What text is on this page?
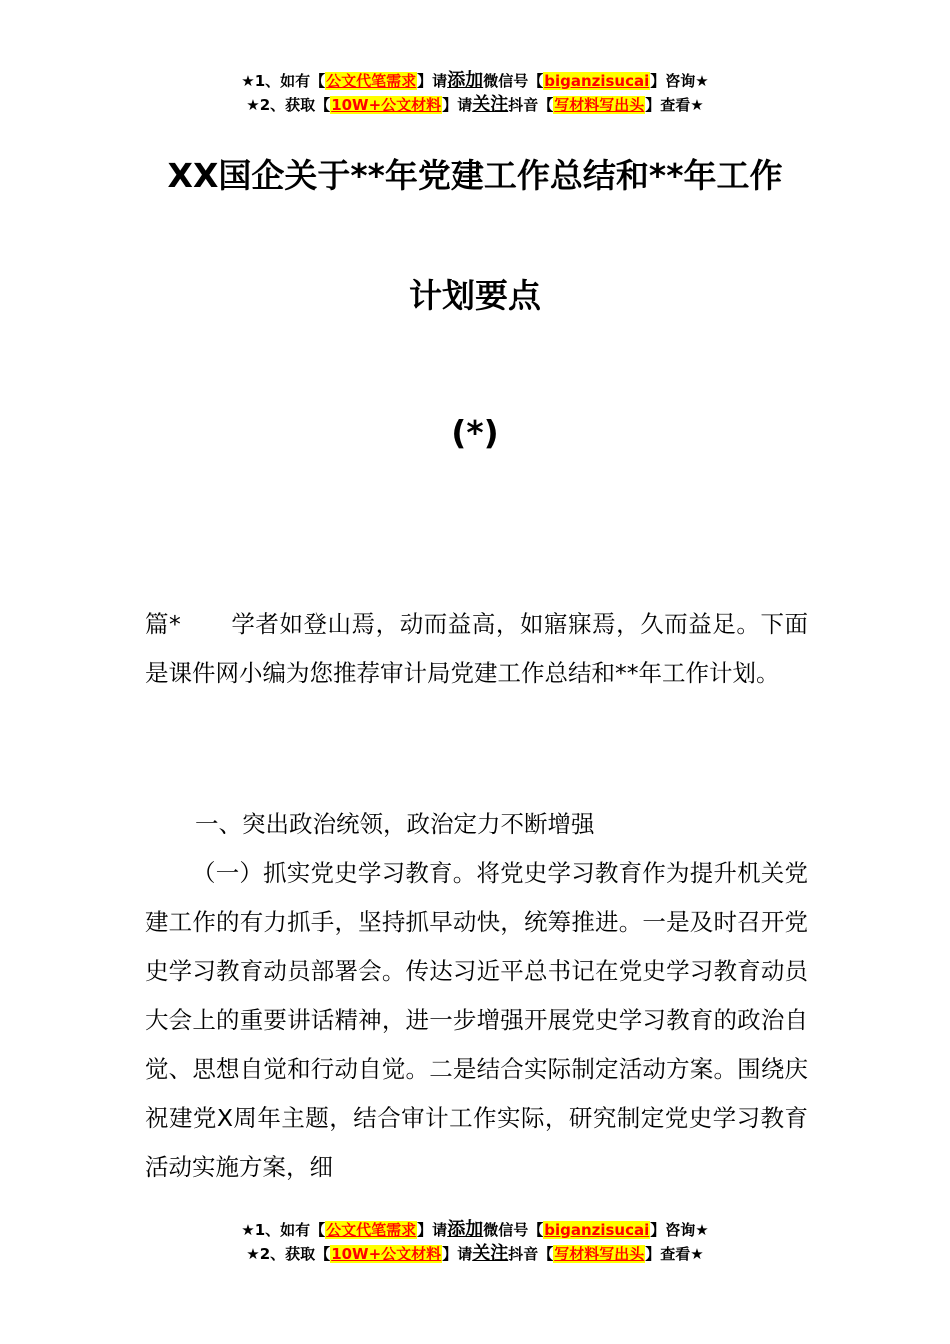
★1、如有【公文代笔需求】请添加微信号【biganzisucai】咨询★
★2、获取【10W+公文材料】请关注抖音【写材料写出头】查看★
XX国企关于**年党建工作总结和**年工作
计划要点
(*)
篇* 学者如登山焉，动而益高，如寤寐焉，久而益足。下面是课件网小编为您推荐审计局党建工作总结和**年工作计划。

一、突出政治统领，政治定力不断增强

（一）抓实党史学习教育。将党史学习教育作为提升机关党建工作的有力抓手，坚持抓早动快，统筹推进。一是及时召开党史学习教育动员部署会。传达习近平总书记在党史学习教育动员大会上的重要讲话精神，进一步增强开展党史学习教育的政治自觉、思想自觉和行动自觉。二是结合实际制定活动方案。围绕庆祝建党X周年主题，结合审计工作实际，研究制定党史学习教育活动实施方案，细

★1、如有【公文代笔需求】请添加微信号【biganzisucai】咨询★
★2、获取【10W+公文材料】请关注抖音【写材料写出头】查看★
